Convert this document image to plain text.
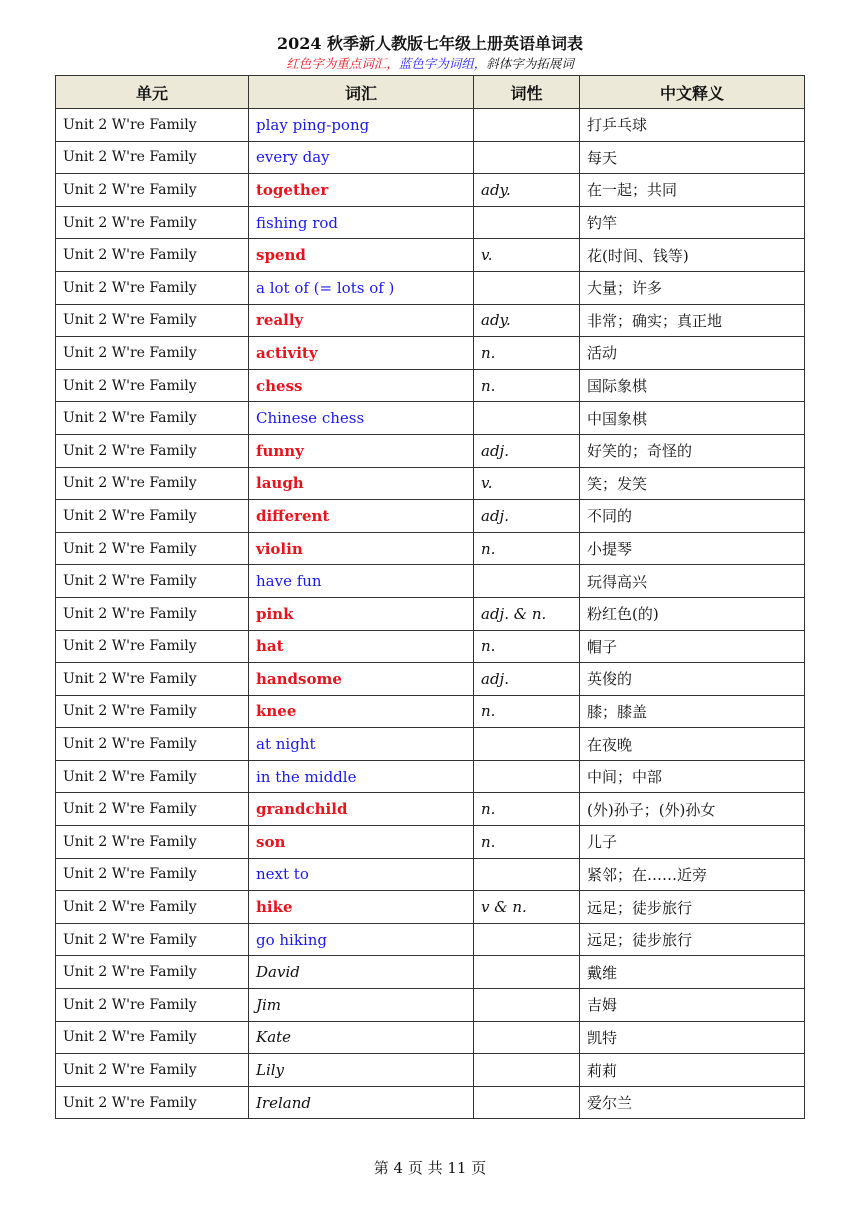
2024 秋季新人教版七年级上册英语单词表
红色字为重点词汇，蓝色字为词组，斜体字为拓展词
单元	词汇	词性	中文释义
Unit 2 W're Family	play ping-pong		打乒乓球
Unit 2 W're Family	every day		每天
Unit 2 W're Family	together	ady.	在一起；共同
Unit 2 W're Family	fishing rod		钓竿
Unit 2 W're Family	spend	v.	花(时间、钱等)
Unit 2 W're Family	a lot of (= lots of )		大量；许多
Unit 2 W're Family	really	ady.	非常；确实；真正地
Unit 2 W're Family	activity	n.	活动
Unit 2 W're Family	chess	n.	国际象棋
Unit 2 W're Family	Chinese chess		中国象棋
Unit 2 W're Family	funny	adj.	好笑的；奇怪的
Unit 2 W're Family	laugh	v.	笑；发笑
Unit 2 W're Family	different	adj.	不同的
Unit 2 W're Family	violin	n.	小提琴
Unit 2 W're Family	have fun		玩得高兴
Unit 2 W're Family	pink	adj. & n.	粉红色(的)
Unit 2 W're Family	hat	n.	帽子
Unit 2 W're Family	handsome	adj.	英俊的
Unit 2 W're Family	knee	n.	膝；膝盖
Unit 2 W're Family	at night		在夜晚
Unit 2 W're Family	in the middle		中间；中部
Unit 2 W're Family	grandchild	n.	(外)孙子；(外)孙女
Unit 2 W're Family	son	n.	儿子
Unit 2 W're Family	next to		紧邻；在……近旁
Unit 2 W're Family	hike	v & n.	远足；徒步旅行
Unit 2 W're Family	go hiking		远足；徒步旅行
Unit 2 W're Family	David		戴维
Unit 2 W're Family	Jim		吉姆
Unit 2 W're Family	Kate		凯特
Unit 2 W're Family	Lily		莉莉
Unit 2 W're Family	Ireland		爱尔兰
第 4 页 共 11 页
